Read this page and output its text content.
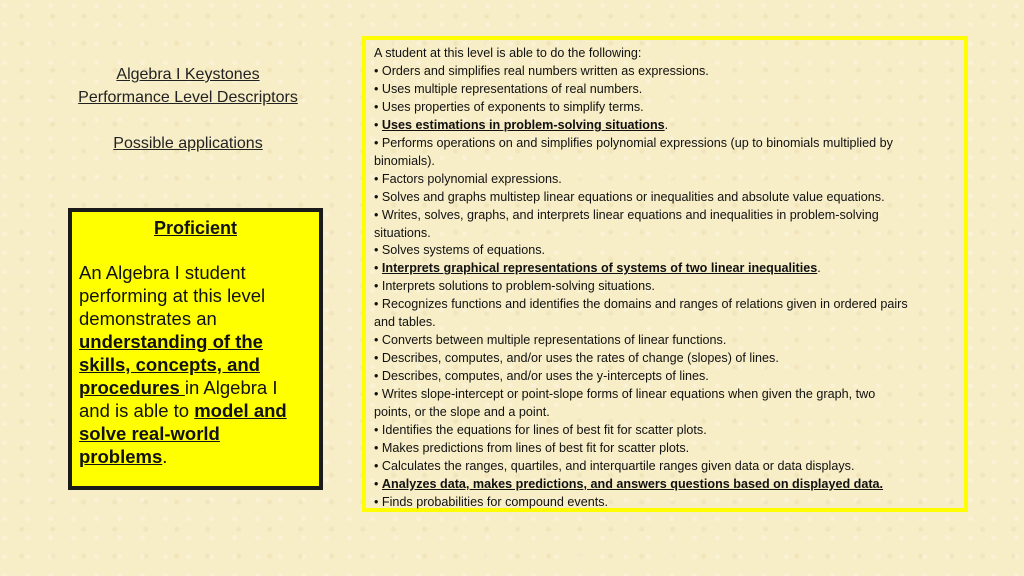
Algebra I Keystones
Performance Level Descriptors
Possible applications
Proficient
An Algebra I student performing at this level demonstrates an understanding of the skills, concepts, and procedures in Algebra I and is able to model and solve real-world problems.
A student at this level is able to do the following:
• Orders and simplifies real numbers written as expressions.
• Uses multiple representations of real numbers.
• Uses properties of exponents to simplify terms.
• Uses estimations in problem-solving situations.
• Performs operations on and simplifies polynomial expressions (up to binomials multiplied by
binomials).
• Factors polynomial expressions.
• Solves and graphs multistep linear equations or inequalities and absolute value equations.
• Writes, solves, graphs, and interprets linear equations and inequalities in problem-solving
situations.
• Solves systems of equations.
• Interprets graphical representations of systems of two linear inequalities.
• Interprets solutions to problem-solving situations.
• Recognizes functions and identifies the domains and ranges of relations given in ordered pairs
and tables.
• Converts between multiple representations of linear functions.
• Describes, computes, and/or uses the rates of change (slopes) of lines.
• Describes, computes, and/or uses the y-intercepts of lines.
• Writes slope-intercept or point-slope forms of linear equations when given the graph, two
points, or the slope and a point.
• Identifies the equations for lines of best fit for scatter plots.
• Makes predictions from lines of best fit for scatter plots.
• Calculates the ranges, quartiles, and interquartile ranges given data or data displays.
• Analyzes data, makes predictions, and answers questions based on displayed data.
• Finds probabilities for compound events.
